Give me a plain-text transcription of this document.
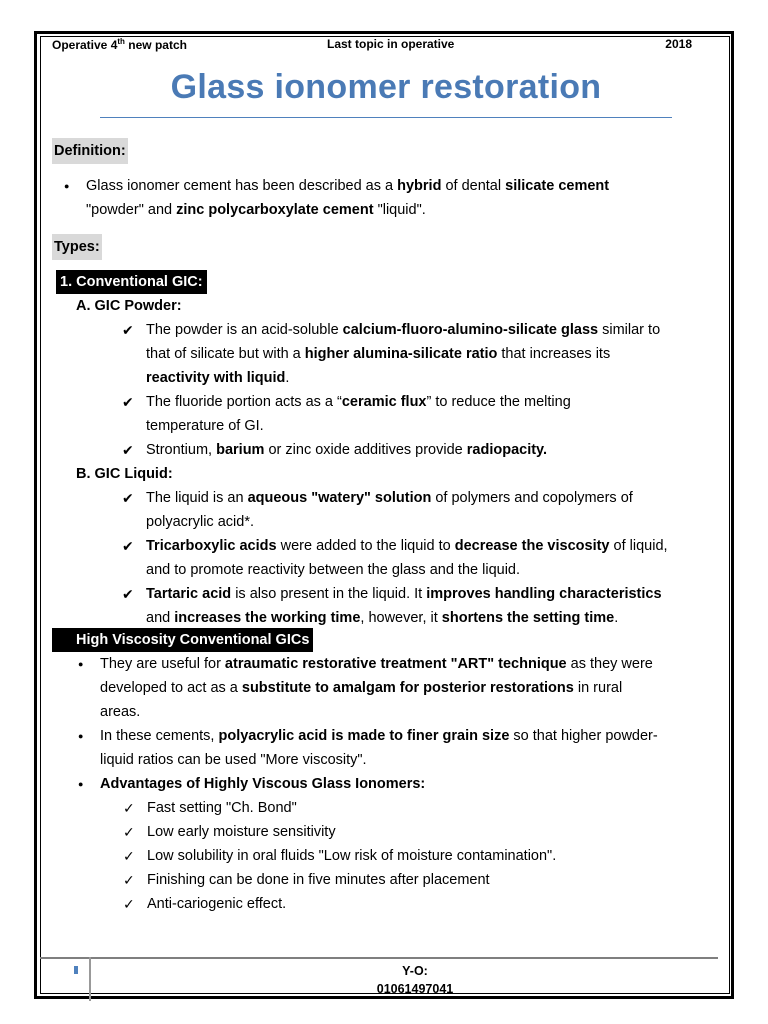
Operative 4th new patch	Last topic in operative	2018
Glass ionomer restoration
Definition:
● Glass ionomer cement has been described as a hybrid of dental silicate cement
"powder" and zinc polycarboxylate cement "liquid".
Types:
1. Conventional GIC:
A. GIC Powder:
✔ The powder is an acid-soluble calcium-fluoro-alumino-silicate glass similar to
that of silicate but with a higher alumina-silicate ratio that increases its
reactivity with liquid.
✔ The fluoride portion acts as a “ceramic flux” to reduce the melting
temperature of GI.
✔ Strontium, barium or zinc oxide additives provide radiopacity.
B. GIC Liquid:
✔ The liquid is an aqueous "watery" solution of polymers and copolymers of
polyacrylic acid*.
✔ Tricarboxylic acids were added to the liquid to decrease the viscosity of liquid,
and to promote reactivity between the glass and the liquid.
✔ Tartaric acid is also present in the liquid. It improves handling characteristics
and increases the working time, however, it shortens the setting time.
High Viscosity Conventional GICs
● They are useful for atraumatic restorative treatment "ART" technique as they were
developed to act as a substitute to amalgam for posterior restorations in rural
areas.
● In these cements, polyacrylic acid is made to finer grain size so that higher powder-
liquid ratios can be used "More viscosity".
● Advantages of Highly Viscous Glass Ionomers:
✓ Fast setting "Ch. Bond"
✓ Low early moisture sensitivity
✓ Low solubility in oral fluids "Low risk of moisture contamination".
✓ Finishing can be done in five minutes after placement
✓ Anti-cariogenic effect.
Y-O:
01061497041
